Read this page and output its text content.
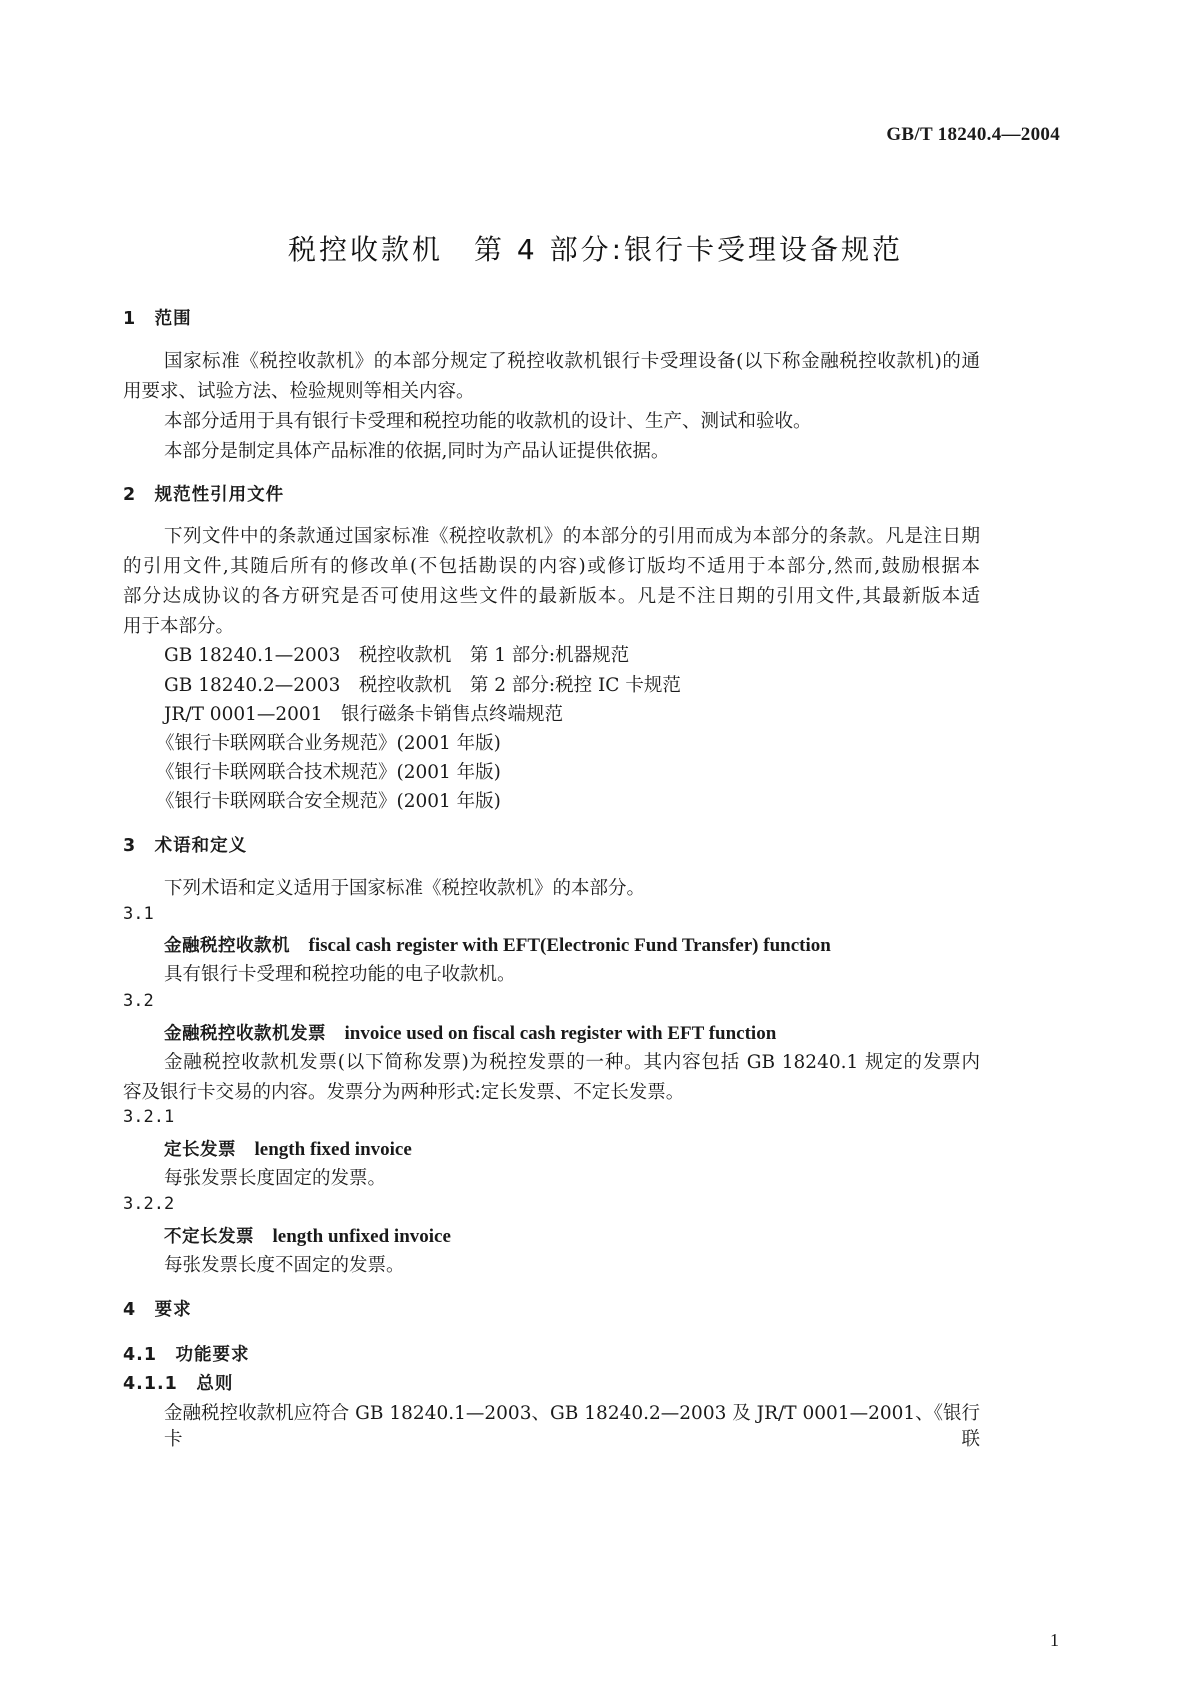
GB/T 18240.4—2004
税控收款机　第 4 部分:银行卡受理设备规范
1　范围
国家标准《税控收款机》的本部分规定了税控收款机银行卡受理设备(以下称金融税控收款机)的通
用要求、试验方法、检验规则等相关内容。
本部分适用于具有银行卡受理和税控功能的收款机的设计、生产、测试和验收。
本部分是制定具体产品标准的依据,同时为产品认证提供依据。
2　规范性引用文件
下列文件中的条款通过国家标准《税控收款机》的本部分的引用而成为本部分的条款。凡是注日期
的引用文件,其随后所有的修改单(不包括勘误的内容)或修订版均不适用于本部分,然而,鼓励根据本
部分达成协议的各方研究是否可使用这些文件的最新版本。凡是不注日期的引用文件,其最新版本适
用于本部分。
GB 18240.1—2003　税控收款机　第 1 部分:机器规范
GB 18240.2—2003　税控收款机　第 2 部分:税控 IC 卡规范
JR/T 0001—2001　银行磁条卡销售点终端规范
《银行卡联网联合业务规范》(2001 年版)
《银行卡联网联合技术规范》(2001 年版)
《银行卡联网联合安全规范》(2001 年版)
3　术语和定义
下列术语和定义适用于国家标准《税控收款机》的本部分。
3.1
金融税控收款机　 fiscal cash register with EFT(Electronic Fund Transfer) function
具有银行卡受理和税控功能的电子收款机。
3.2
金融税控收款机发票　 invoice used on fiscal cash register with EFT function
金融税控收款机发票(以下简称发票)为税控发票的一种。其内容包括 GB 18240.1 规定的发票内
容及银行卡交易的内容。发票分为两种形式:定长发票、不定长发票。
3.2.1
定长发票　 length fixed invoice
每张发票长度固定的发票。
3.2.2
不定长发票　 length unfixed invoice
每张发票长度不固定的发票。
4　要求
4.1　功能要求
4.1.1　总则
金融税控收款机应符合 GB 18240.1—2003、GB 18240.2—2003 及 JR/T 0001—2001、《银行卡联
1
